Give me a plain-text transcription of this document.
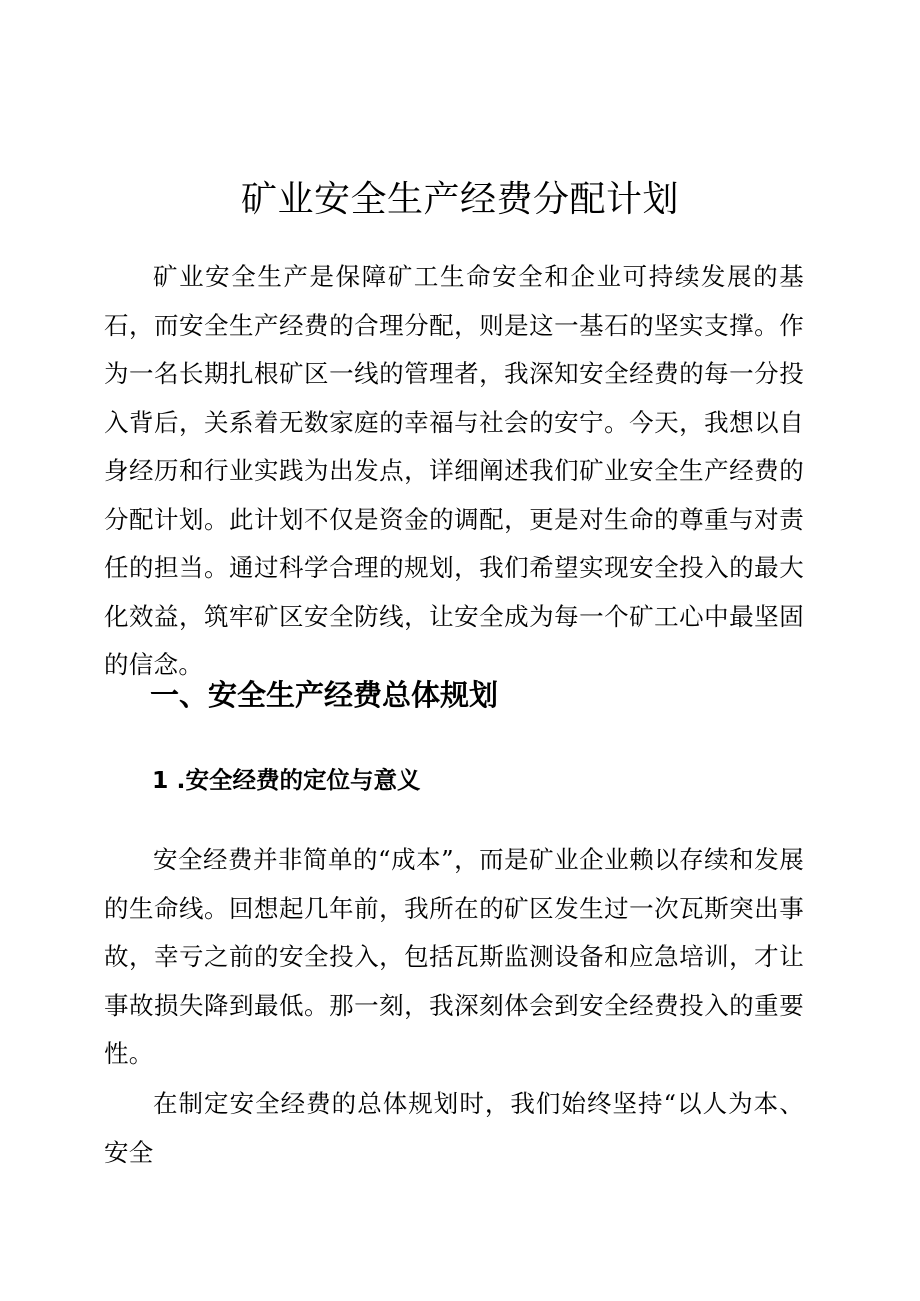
矿业安全生产经费分配计划

矿业安全生产是保障矿工生命安全和企业可持续发展的基石，而安全生产经费的合理分配，则是这一基石的坚实支撑。作为一名长期扎根矿区一线的管理者，我深知安全经费的每一分投入背后，关系着无数家庭的幸福与社会的安宁。今天，我想以自身经历和行业实践为出发点，详细阐述我们矿业安全生产经费的分配计划。此计划不仅是资金的调配，更是对生命的尊重与对责任的担当。通过科学合理的规划，我们希望实现安全投入的最大化效益，筑牢矿区安全防线，让安全成为每一个矿工心中最坚固的信念。

一、安全生产经费总体规划
1 .安全经费的定位与意义

安全经费并非简单的“成本”，而是矿业企业赖以存续和发展的生命线。回想起几年前，我所在的矿区发生过一次瓦斯突出事故，幸亏之前的安全投入，包括瓦斯监测设备和应急培训，才让事故损失降到最低。那一刻，我深刻体会到安全经费投入的重要性。

在制定安全经费的总体规划时，我们始终坚持“以人为本、安全
